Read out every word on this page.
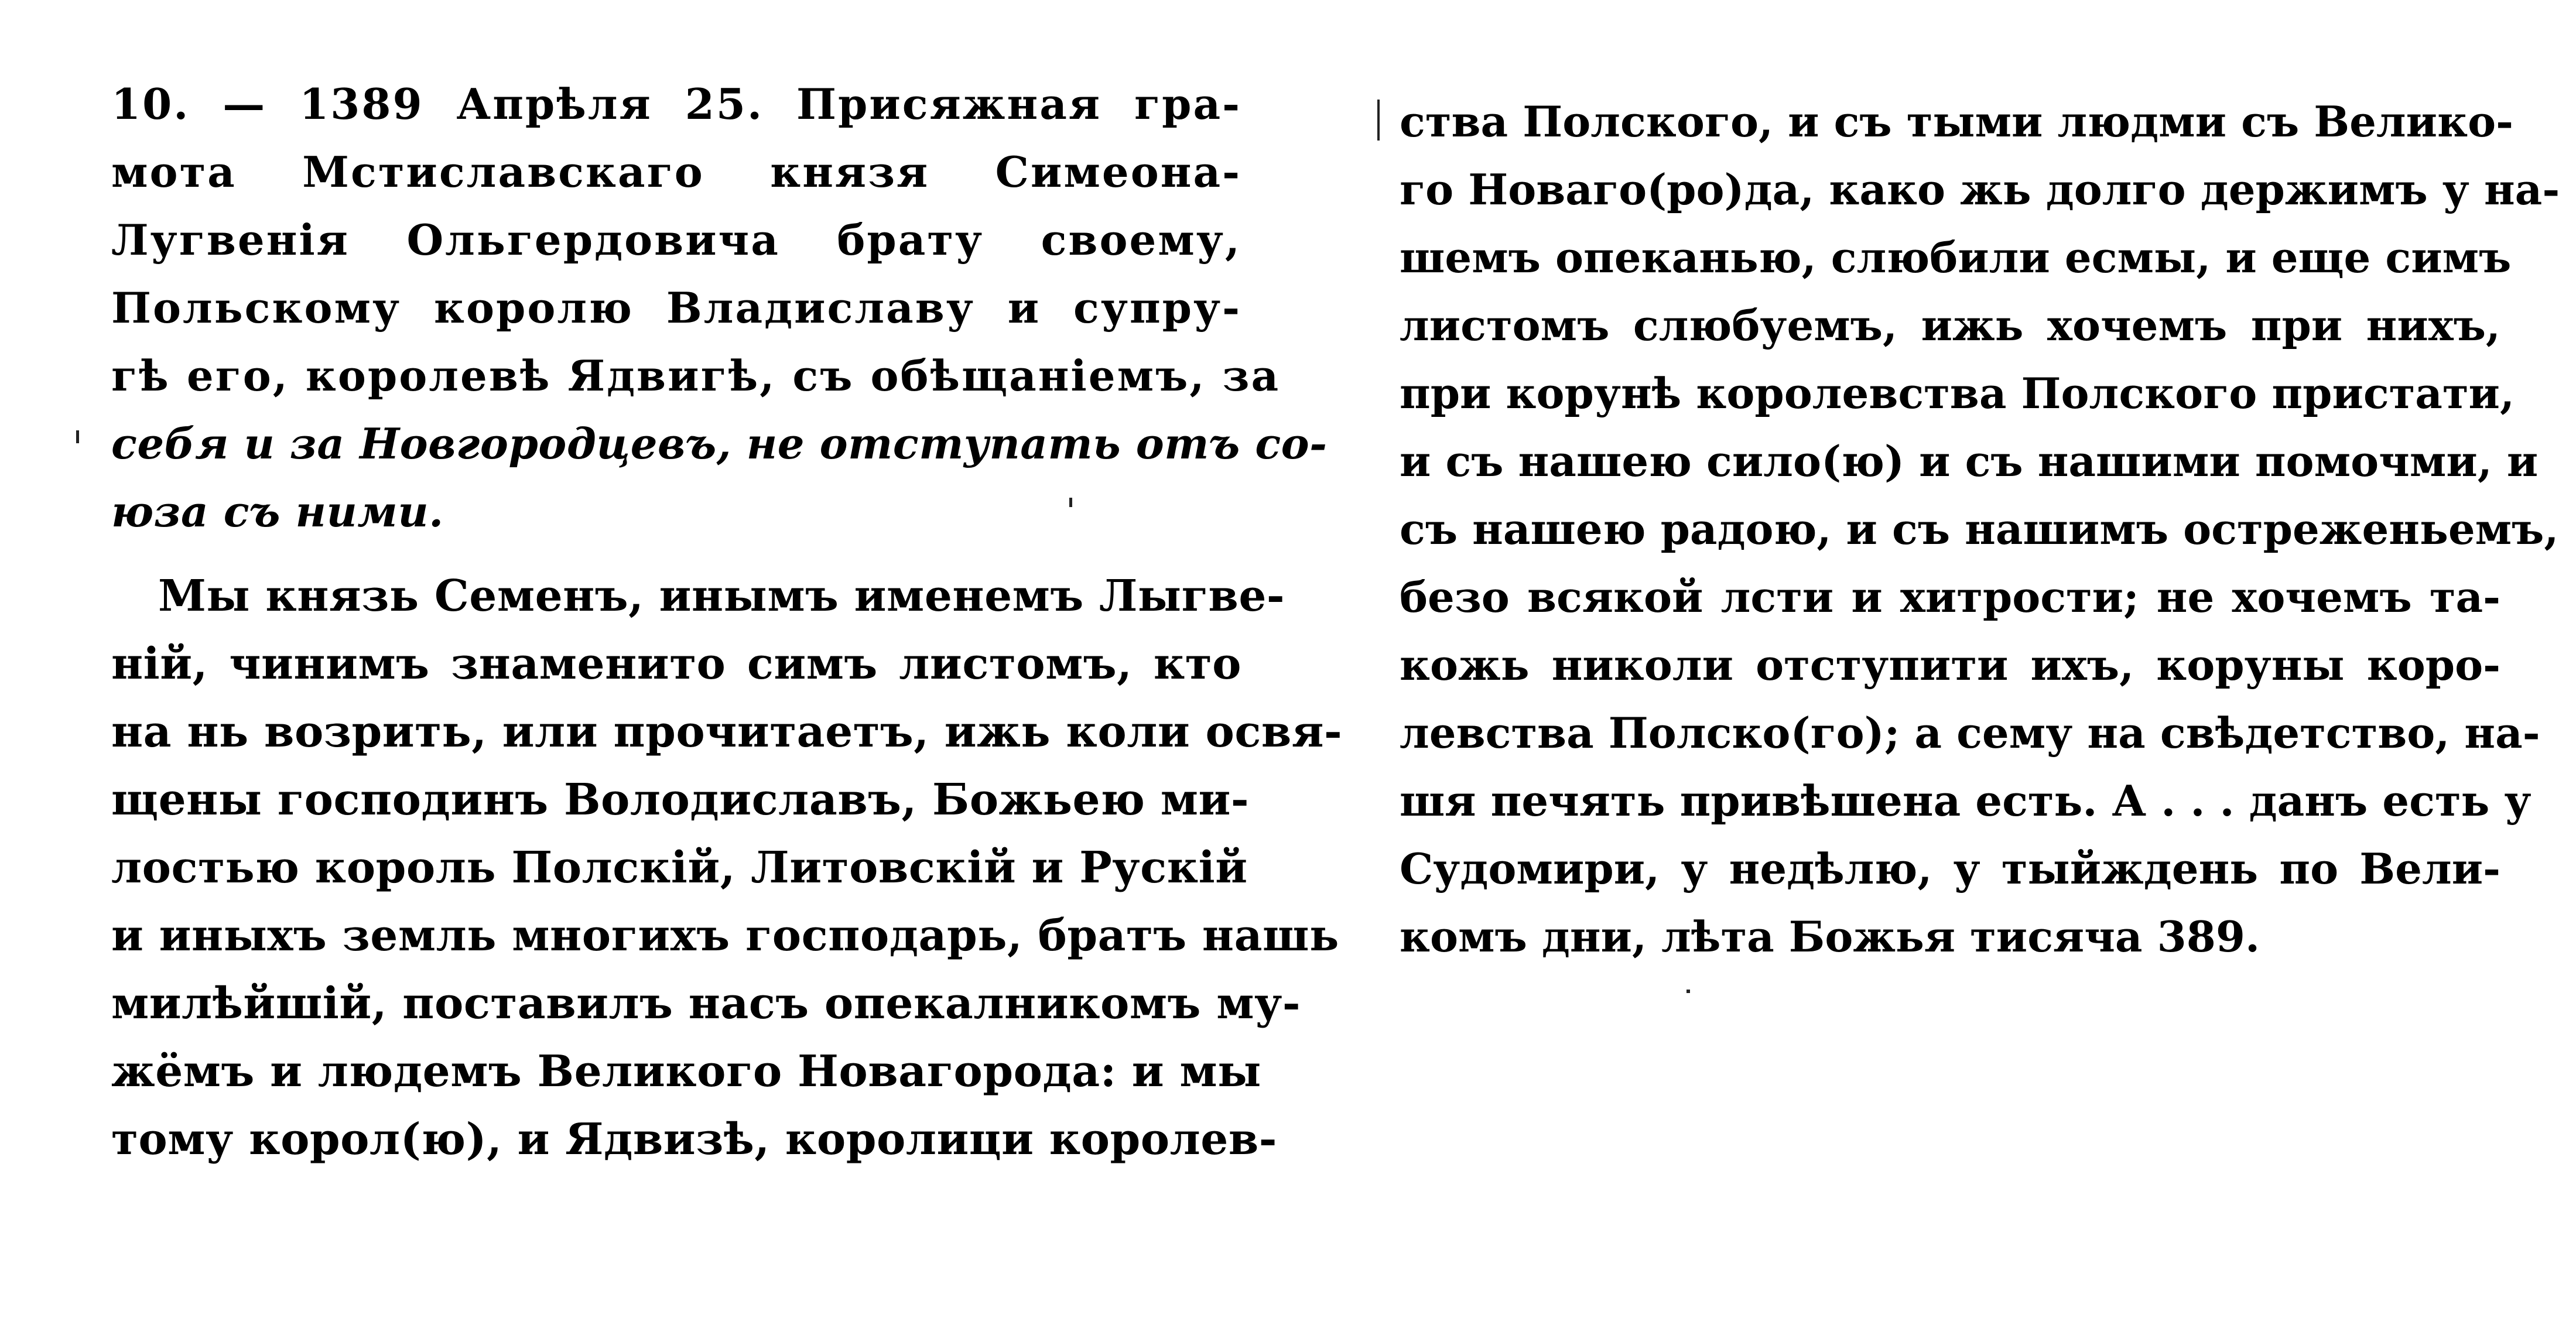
10. — 1389 Апрѣля 25. Присяжная гра-
мота Мстиславскаго князя Симеона-
Лугвенія Ольгердовича брату своему,
Польскому королю Владиславу и супру-
гѣ его, королевѣ Ядвигѣ, съ обѣщаніемъ, за
себя и за Новгородцевъ, не отступать отъ со-
юза съ ними.
Мы князь Семенъ, инымъ именемъ Лыгве-
ній, чинимъ знаменито симъ листомъ, кто
на нь возрить, или прочитаетъ, ижь коли освя-
щены господинъ Володиславъ, Божьею ми-
лостью король Полскій, Литовскій и Рускій
и иныхъ земль многихъ господарь, братъ нашь
милѣйшій, поставилъ насъ опекалникомъ му-
жёмъ и людемъ Великого Новагорода: и мы
тому корол(ю), и Ядвизѣ, королици королев-
ства Полского, и съ тыми людми съ Велико-
го Новаго(ро)да, како жь долго держимъ у на-
шемъ опеканью, слюбили есмы, и еще симъ
листомъ слюбуемъ, ижь хочемъ при нихъ,
при корунѣ королевства Полского пристати,
и съ нашею сило(ю) и съ нашими помочми, и
съ нашею радою, и съ нашимъ остреженьемъ,
безо всякой лсти и хитрости; не хочемъ та-
кожь николи отступити ихъ, коруны коро-
левства Полско(го); а сему на свѣдетство, на-
шя печять привѣшена есть. А . . . данъ есть у
Судомири, у недѣлю, у тыйждень по Вели-
комъ дни, лѣта Божья тисяча 389.
